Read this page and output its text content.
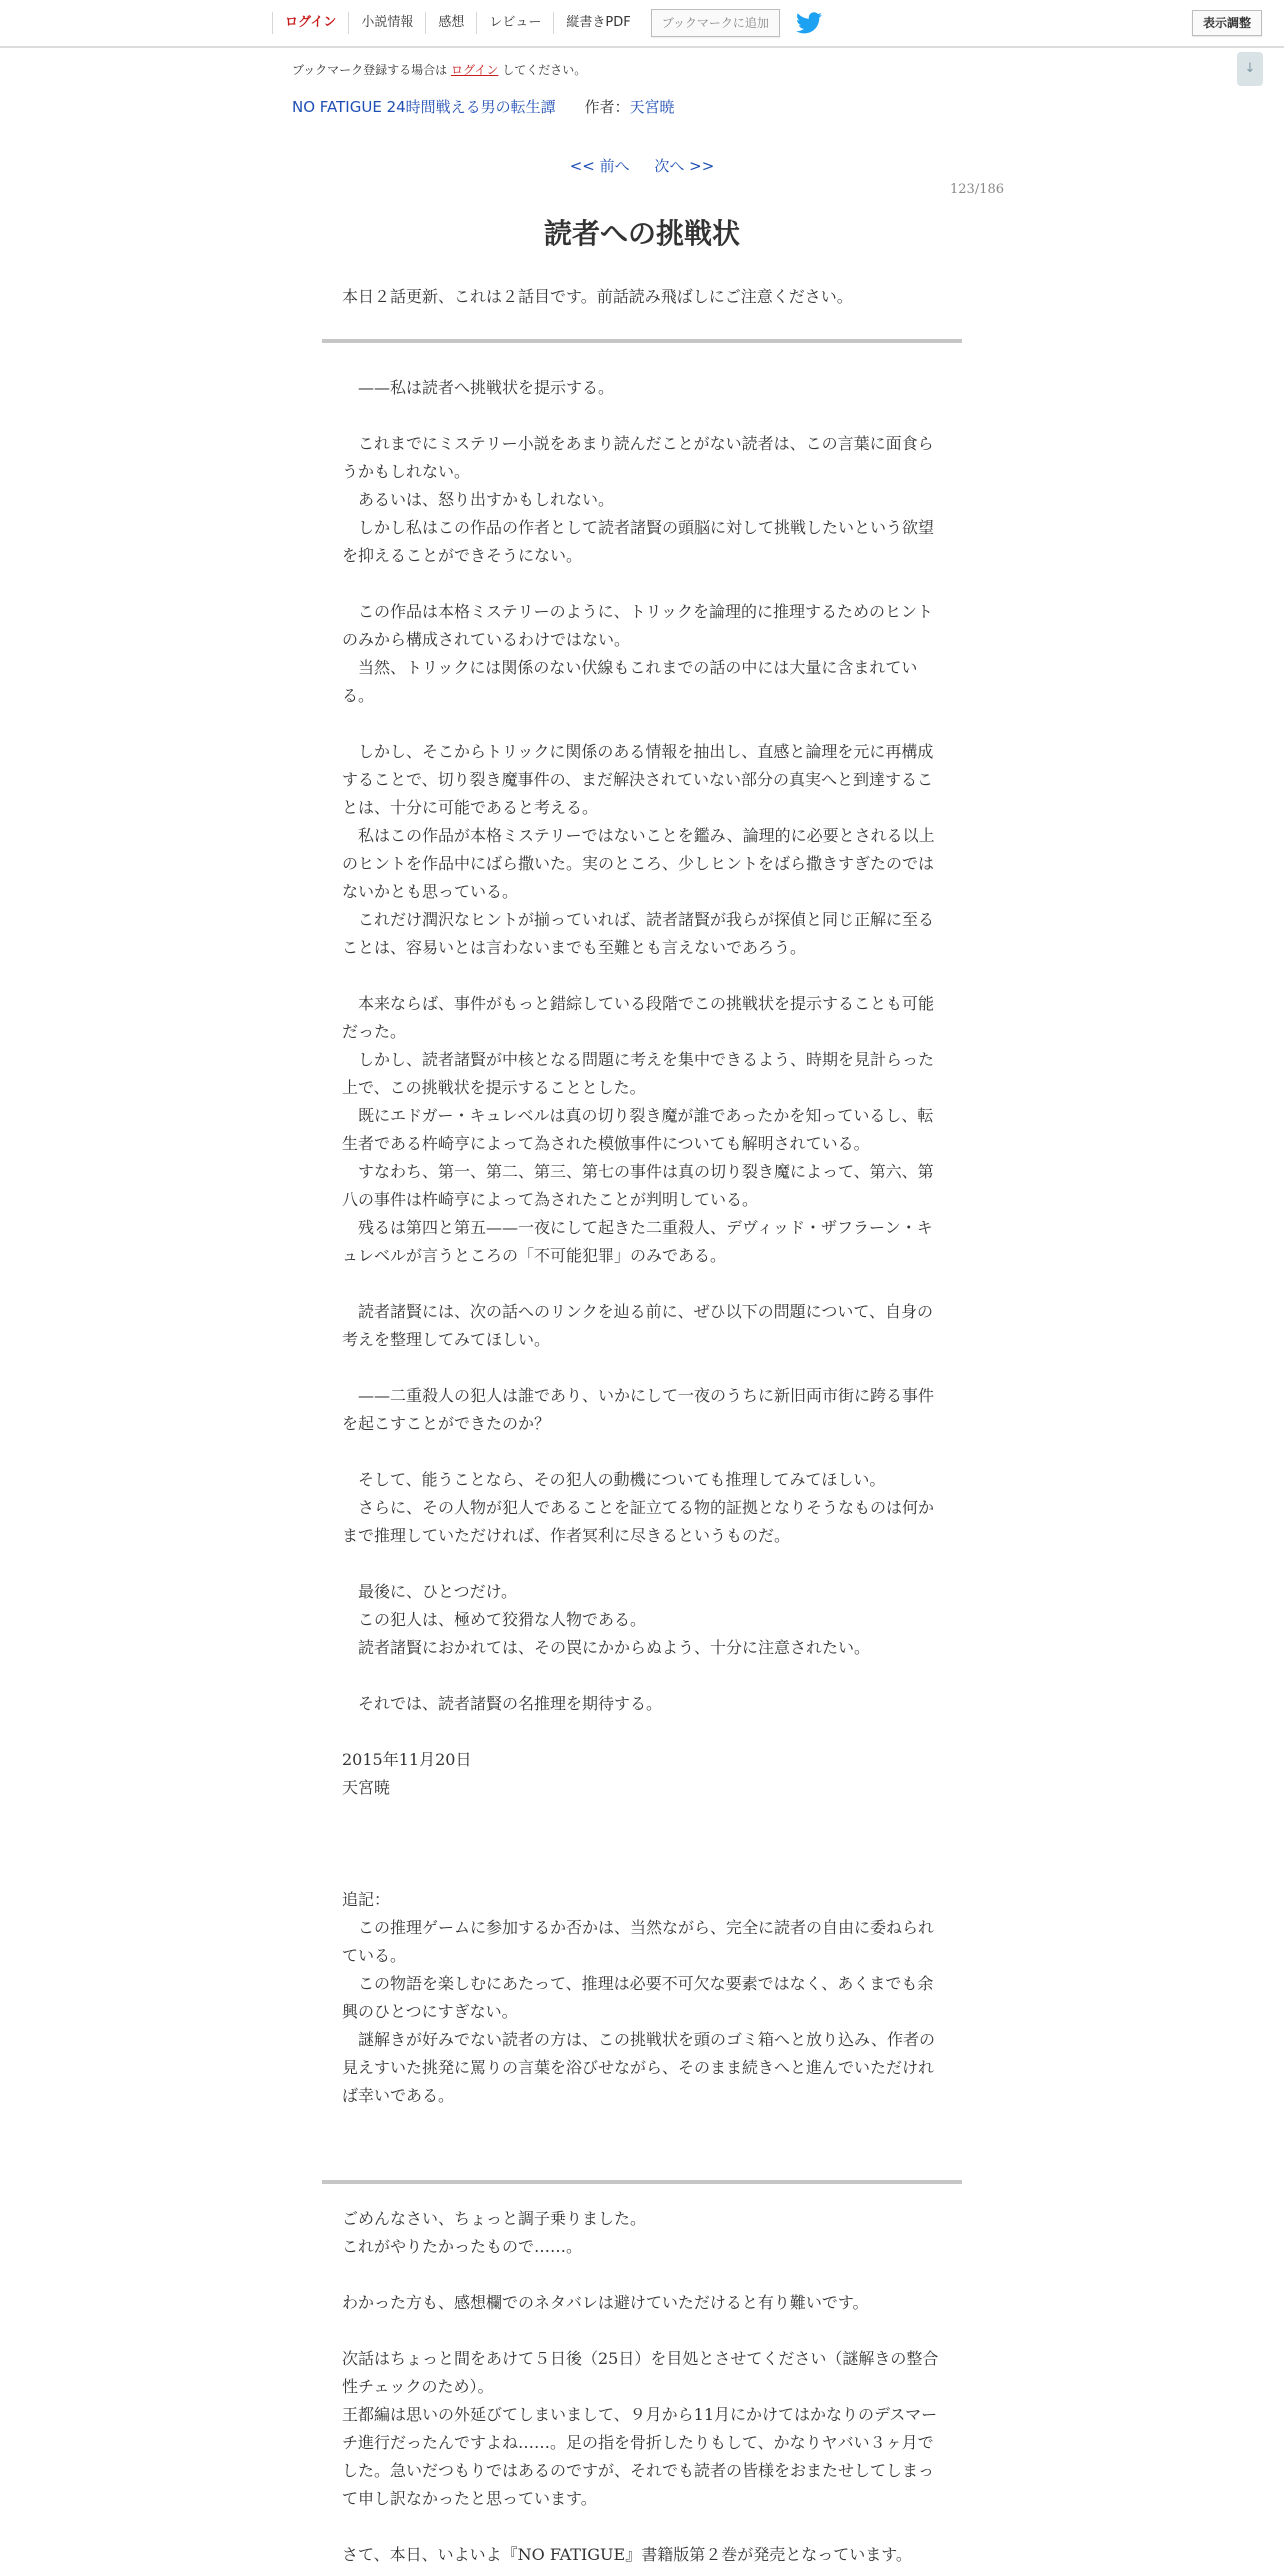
ログイン	小説情報	感想	レビュー	縦書きPDF	ブックマークに追加	表示調整
↓
ブックマーク登録する場合は ログイン してください。
NO FATIGUE 24時間戦える男の転生譚 作者：天宮暁
<< 前へ 次へ >>
123/186
読者への挑戦状

本日２話更新、これは２話目です。前話読み飛ばしにご注意ください。

　——私は読者へ挑戦状を提示する。

　これまでにミステリー小説をあまり読んだことがない読者は、この言葉に面食ら

うかもしれない。

　あるいは、怒り出すかもしれない。

　しかし私はこの作品の作者として読者諸賢の頭脳に対して挑戦したいという欲望

を抑えることができそうにない。

　この作品は本格ミステリーのように、トリックを論理的に推理するためのヒント

のみから構成されているわけではない。

　当然、トリックには関係のない伏線もこれまでの話の中には大量に含まれてい

る。

　しかし、そこからトリックに関係のある情報を抽出し、直感と論理を元に再構成

することで、切り裂き魔事件の、まだ解決されていない部分の真実へと到達するこ

とは、十分に可能であると考える。

　私はこの作品が本格ミステリーではないことを鑑み、論理的に必要とされる以上

のヒントを作品中にばら撒いた。実のところ、少しヒントをばら撒きすぎたのでは

ないかとも思っている。

　これだけ潤沢なヒントが揃っていれば、読者諸賢が我らが探偵と同じ正解に至る

ことは、容易いとは言わないまでも至難とも言えないであろう。

　本来ならば、事件がもっと錯綜している段階でこの挑戦状を提示することも可能

だった。

　しかし、読者諸賢が中核となる問題に考えを集中できるよう、時期を見計らった

上で、この挑戦状を提示することとした。

　既にエドガー・キュレベルは真の切り裂き魔が誰であったかを知っているし、転

生者である杵崎亨によって為された模倣事件についても解明されている。

　すなわち、第一、第二、第三、第七の事件は真の切り裂き魔によって、第六、第

八の事件は杵崎亨によって為されたことが判明している。

　残るは第四と第五——一夜にして起きた二重殺人、デヴィッド・ザフラーン・キ

ュレベルが言うところの「不可能犯罪」のみである。

　読者諸賢には、次の話へのリンクを辿る前に、ぜひ以下の問題について、自身の

考えを整理してみてほしい。

　——二重殺人の犯人は誰であり、いかにして一夜のうちに新旧両市街に跨る事件

を起こすことができたのか？

　そして、能うことなら、その犯人の動機についても推理してみてほしい。

　さらに、その人物が犯人であることを証立てる物的証拠となりそうなものは何か

まで推理していただければ、作者冥利に尽きるというものだ。

　最後に、ひとつだけ。

　この犯人は、極めて狡猾な人物である。

　読者諸賢におかれては、その罠にかからぬよう、十分に注意されたい。

　それでは、読者諸賢の名推理を期待する。

2015年11月20日

天宮暁

追記：

　この推理ゲームに参加するか否かは、当然ながら、完全に読者の自由に委ねられ

ている。

　この物語を楽しむにあたって、推理は必要不可欠な要素ではなく、あくまでも余

興のひとつにすぎない。

　謎解きが好みでない読者の方は、この挑戦状を頭のゴミ箱へと放り込み、作者の

見えすいた挑発に罵りの言葉を浴びせながら、そのまま続きへと進んでいただけれ

ば幸いである。

ごめんなさい、ちょっと調子乗りました。

これがやりたかったもので……。

わかった方も、感想欄でのネタバレは避けていただけると有り難いです。

次話はちょっと間をあけて５日後（25日）を目処とさせてください（謎解きの整合

性チェックのため）。

王都編は思いの外延びてしまいまして、９月から11月にかけてはかなりのデスマー

チ進行だったんですよね……。足の指を骨折したりもして、かなりヤバい３ヶ月で

した。急いだつもりではあるのですが、それでも読者の皆様をおまたせしてしまっ

て申し訳なかったと思っています。

さて、本日、いよいよ『NO FATIGUE』書籍版第２巻が発売となっています。
